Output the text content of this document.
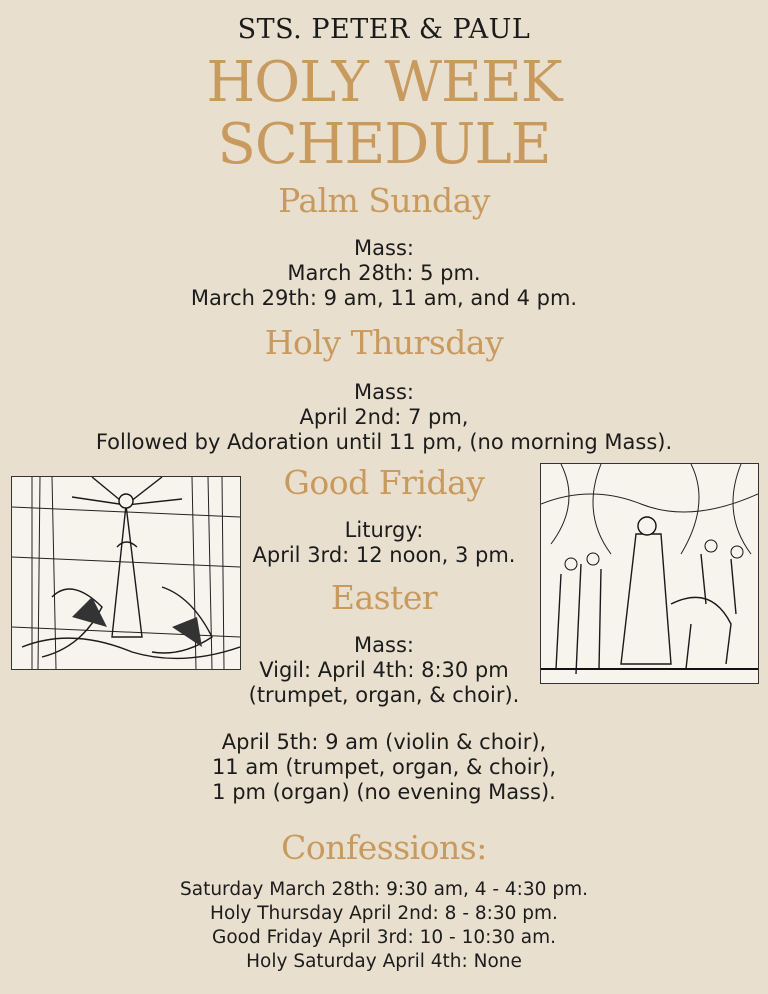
STS. PETER & PAUL
HOLY WEEK
SCHEDULE
Palm Sunday
Mass:
March 28th: 5 pm.
March 29th: 9 am, 11 am, and 4 pm.
Holy Thursday
Mass:
April 2nd: 7 pm,
Followed by Adoration until 11 pm, (no morning Mass).
Good Friday
Liturgy:
April 3rd: 12 noon, 3 pm.
Easter
Mass:
Vigil: April 4th: 8:30 pm
(trumpet, organ, & choir).
April 5th: 9 am (violin & choir),
11 am (trumpet, organ, & choir),
1 pm (organ) (no evening Mass).
Confessions:
Saturday March 28th: 9:30 am, 4 - 4:30 pm.
Holy Thursday April 2nd: 8 - 8:30 pm.
Good Friday April 3rd: 10 - 10:30 am.
Holy Saturday April 4th: None
